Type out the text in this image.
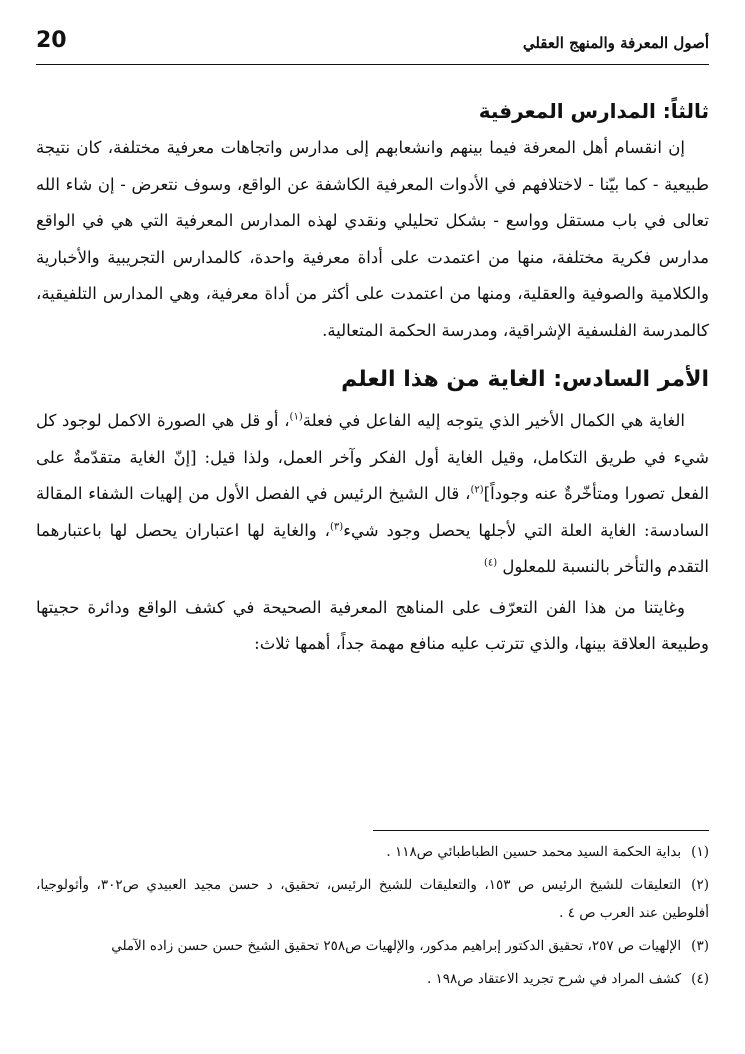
أصول المعرفة والمنهج العقلي
20
ثالثاً: المدارس المعرفية

إن انقسام أهل المعرفة فيما بينهم وانشعابهم إلى مدارس واتجاهات معرفية مختلفة، كان نتيجة طبيعية - كما بيّنا - لاختلافهم في الأدوات المعرفية الكاشفة عن الواقع، وسوف نتعرض - إن شاء الله تعالى في باب مستقل وواسع - بشكل تحليلي ونقدي لهذه المدارس المعرفية التي هي في الواقع مدارس فكرية مختلفة، منها من اعتمدت على أداة معرفية واحدة، كالمدارس التجريبية والأخبارية والكلامية والصوفية والعقلية، ومنها من اعتمدت على أكثر من أداة معرفية، وهي المدارس التلفيقية، كالمدرسة الفلسفية الإشراقية، ومدرسة الحكمة المتعالية.

الأمر السادس: الغاية من هذا العلم

الغاية هي الكمال الأخير الذي يتوجه إليه الفاعل في فعلة$^{(١)}$، أو قل هي الصورة الاكمل لوجود كل شيء في طريق التكامل، وقيل الغاية أول الفكر وآخر العمل، ولذا قيل: [إنّ الغاية متقدّمةٌ على الفعل تصورا ومتأخّرةٌ عنه وجوداً]$^{(٢)}$، قال الشيخ الرئيس في الفصل الأول من إلهيات الشفاء المقالة السادسة: الغاية العلة التي لأجلها يحصل وجود شيء$^{(٣)}$، والغاية لها اعتباران يحصل لها باعتبارهما التقدم والتأخر بالنسبة للمعلول $^{(٤)}$

وغايتنا من هذا الفن التعرّف على المناهج المعرفية الصحيحة في كشف الواقع ودائرة حجيتها وطبيعة العلاقة بينها، والذي تترتب عليه منافع مهمة جداً، أهمها ثلاث:

(١)بداية الحكمة السيد محمد حسين الطباطبائي ص١١٨ .

(٢)التعليقات للشيخ الرئيس ص ١٥٣، والتعليقات للشيخ الرئيس، تحقيق، د حسن مجيد العبيدي ص٣٠٢، وأثولوجيا، أفلوطين عند العرب ص ٤ .

(٣)الإلهيات ص ٢٥٧، تحقيق الدكتور إبراهيم مدكور، والإلهيات ص٢٥٨ تحقيق الشيخ حسن حسن زاده الآملي

(٤)كشف المراد في شرح تجريد الاعتقاد ص١٩٨ .
